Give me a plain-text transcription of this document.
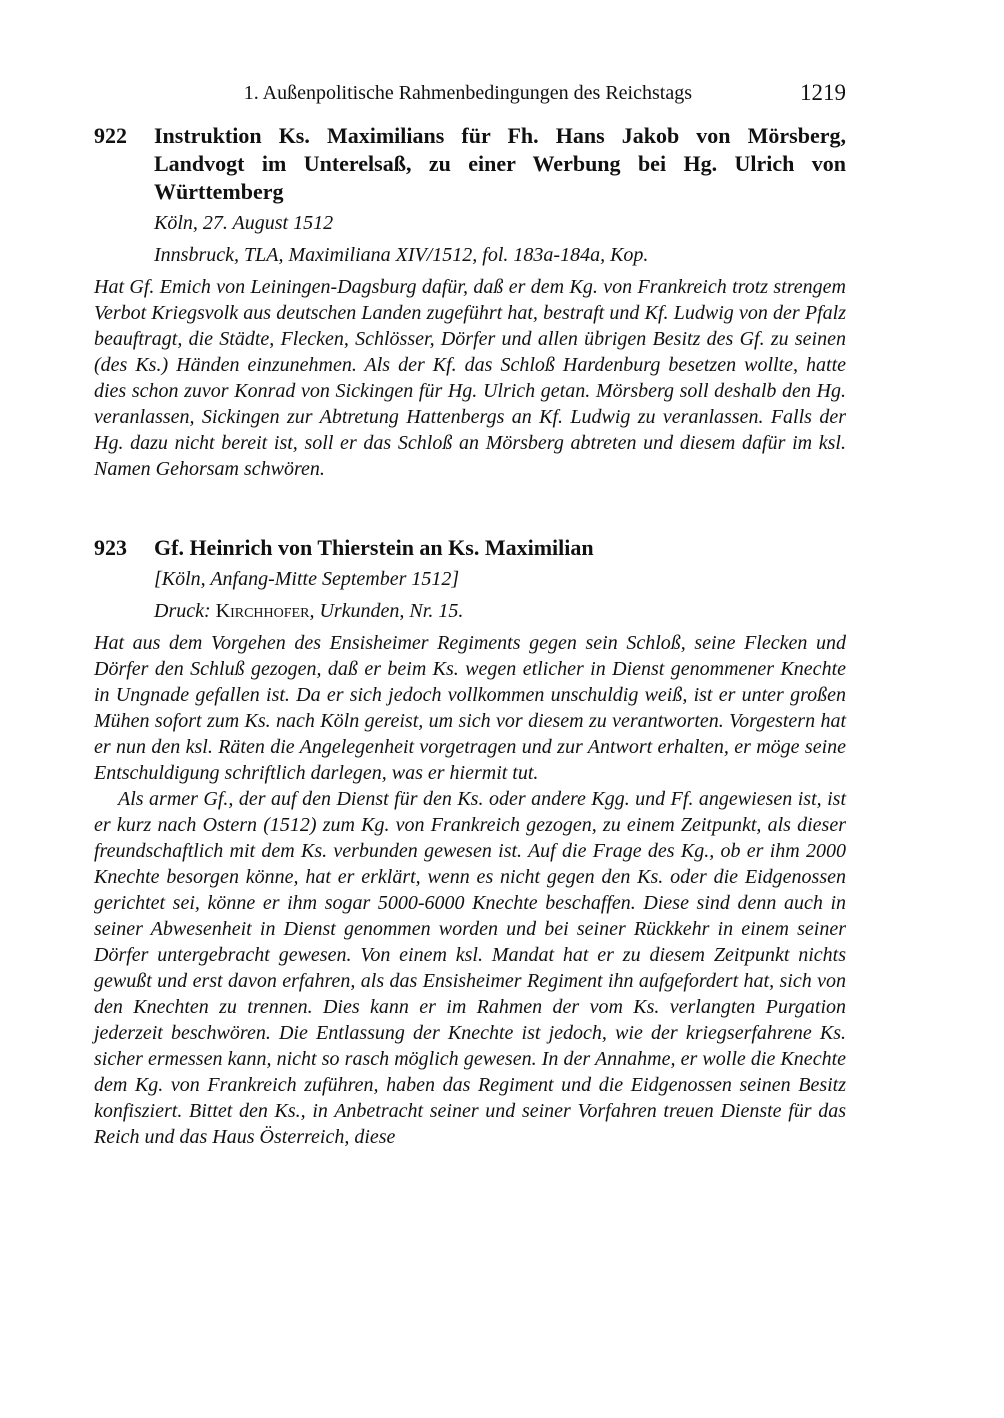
1. Außenpolitische Rahmenbedingungen des Reichstags	1219
922 Instruktion Ks. Maximilians für Fh. Hans Jakob von Mörsberg, Landvogt im Unterelsaß, zu einer Werbung bei Hg. Ulrich von Württemberg
Köln, 27. August 1512
Innsbruck, TLA, Maximiliana XIV/1512, fol. 183a-184a, Kop.

Hat Gf. Emich von Leiningen-Dagsburg dafür, daß er dem Kg. von Frankreich trotz strengem Verbot Kriegsvolk aus deutschen Landen zugeführt hat, bestraft und Kf. Ludwig von der Pfalz beauftragt, die Städte, Flecken, Schlösser, Dörfer und allen übrigen Besitz des Gf. zu seinen (des Ks.) Händen einzunehmen. Als der Kf. das Schloß Hardenburg besetzen wollte, hatte dies schon zuvor Konrad von Sickingen für Hg. Ulrich getan. Mörsberg soll deshalb den Hg. veranlassen, Sickingen zur Abtretung Hattenbergs an Kf. Ludwig zu veranlassen. Falls der Hg. dazu nicht bereit ist, soll er das Schloß an Mörsberg abtreten und diesem dafür im ksl. Namen Gehorsam schwören.

923 Gf. Heinrich von Thierstein an Ks. Maximilian
[Köln, Anfang-Mitte September 1512]
Druck: Kirchhofer, Urkunden, Nr. 15.

Hat aus dem Vorgehen des Ensisheimer Regiments gegen sein Schloß, seine Flecken und Dörfer den Schluß gezogen, daß er beim Ks. wegen etlicher in Dienst genommener Knechte in Ungnade gefallen ist. Da er sich jedoch vollkommen unschuldig weiß, ist er unter großen Mühen sofort zum Ks. nach Köln gereist, um sich vor diesem zu verantworten. Vorgestern hat er nun den ksl. Räten die Angelegenheit vorgetragen und zur Antwort erhalten, er möge seine Entschuldigung schriftlich darlegen, was er hiermit tut.

Als armer Gf., der auf den Dienst für den Ks. oder andere Kgg. und Ff. angewiesen ist, ist er kurz nach Ostern (1512) zum Kg. von Frankreich gezogen, zu einem Zeitpunkt, als dieser freundschaftlich mit dem Ks. verbunden gewesen ist. Auf die Frage des Kg., ob er ihm 2000 Knechte besorgen könne, hat er erklärt, wenn es nicht gegen den Ks. oder die Eidgenossen gerichtet sei, könne er ihm sogar 5000-6000 Knechte beschaffen. Diese sind denn auch in seiner Abwesenheit in Dienst genommen worden und bei seiner Rückkehr in einem seiner Dörfer untergebracht gewesen. Von einem ksl. Mandat hat er zu diesem Zeitpunkt nichts gewußt und erst davon erfahren, als das Ensisheimer Regiment ihn aufgefordert hat, sich von den Knechten zu trennen. Dies kann er im Rahmen der vom Ks. verlangten Purgation jederzeit beschwören. Die Entlassung der Knechte ist jedoch, wie der kriegserfahrene Ks. sicher ermessen kann, nicht so rasch möglich gewesen. In der Annahme, er wolle die Knechte dem Kg. von Frankreich zuführen, haben das Regiment und die Eidgenossen seinen Besitz konfisziert. Bittet den Ks., in Anbetracht seiner und seiner Vorfahren treuen Dienste für das Reich und das Haus Österreich, diese
